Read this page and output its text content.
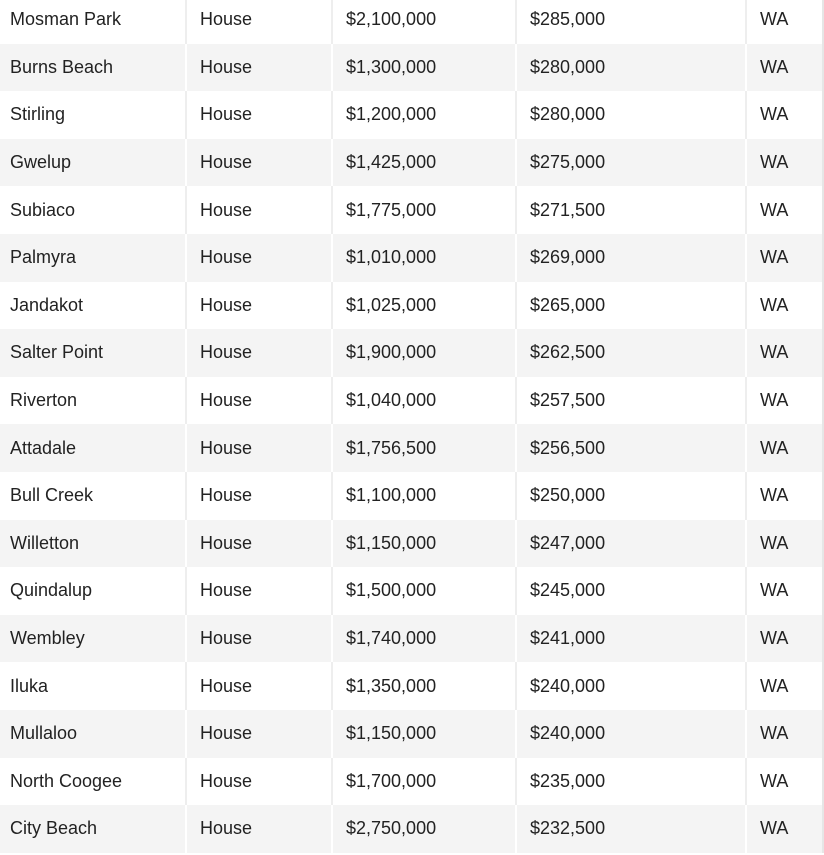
Mosman Park	House	$2,100,000	$285,000	WA
Burns Beach	House	$1,300,000	$280,000	WA
Stirling	House	$1,200,000	$280,000	WA
Gwelup	House	$1,425,000	$275,000	WA
Subiaco	House	$1,775,000	$271,500	WA
Palmyra	House	$1,010,000	$269,000	WA
Jandakot	House	$1,025,000	$265,000	WA
Salter Point	House	$1,900,000	$262,500	WA
Riverton	House	$1,040,000	$257,500	WA
Attadale	House	$1,756,500	$256,500	WA
Bull Creek	House	$1,100,000	$250,000	WA
Willetton	House	$1,150,000	$247,000	WA
Quindalup	House	$1,500,000	$245,000	WA
Wembley	House	$1,740,000	$241,000	WA
Iluka	House	$1,350,000	$240,000	WA
Mullaloo	House	$1,150,000	$240,000	WA
North Coogee	House	$1,700,000	$235,000	WA
City Beach	House	$2,750,000	$232,500	WA
